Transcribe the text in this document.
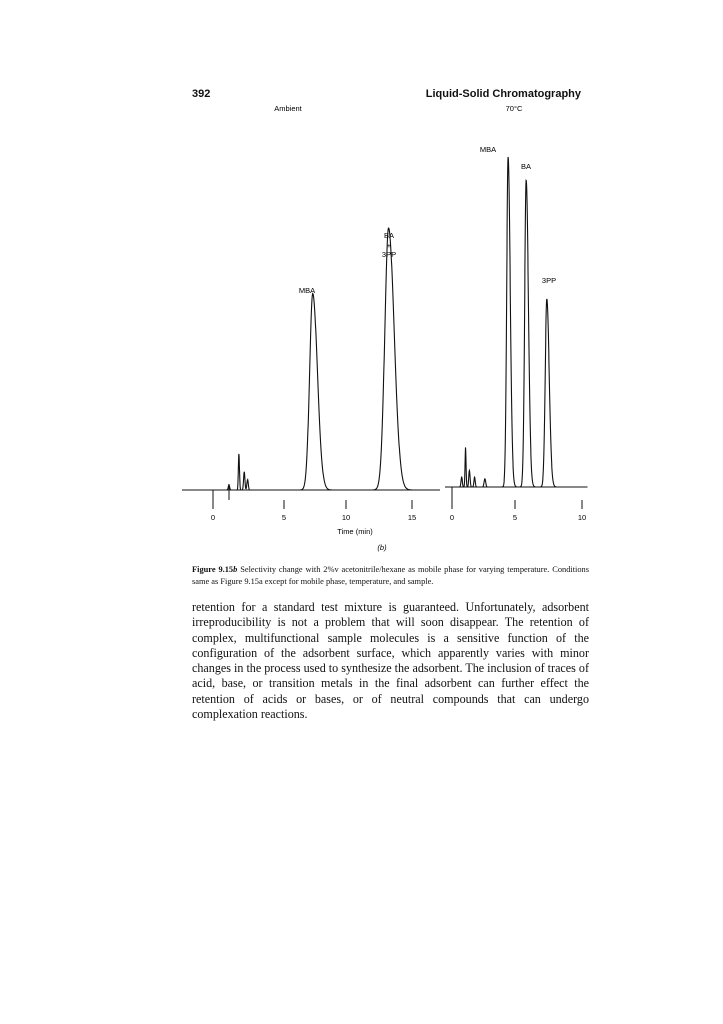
392	Liquid-Solid Chromatography
Ambient	70°C
0	5	10	15	0	5	10
Time (min)
(b)
MBA
BA
+
3PP
MBA
BA
3PP
Figure 9.15b Selectivity change with 2%v acetonitrile/hexane as mobile phase for varying temperature. Conditions same as Figure 9.15a except for mobile phase, temperature, and sample.
retention for a standard test mixture is guaranteed. Unfortunately, adsorbent irreproducibility is not a problem that will soon disappear. The retention of complex, multifunctional sample molecules is a sensitive function of the configuration of the adsorbent surface, which apparently varies with minor changes in the process used to synthesize the adsorbent. The inclusion of traces of acid, base, or transition metals in the final adsorbent can further effect the retention of acids or bases, or of neutral compounds that can undergo complexation reactions.
